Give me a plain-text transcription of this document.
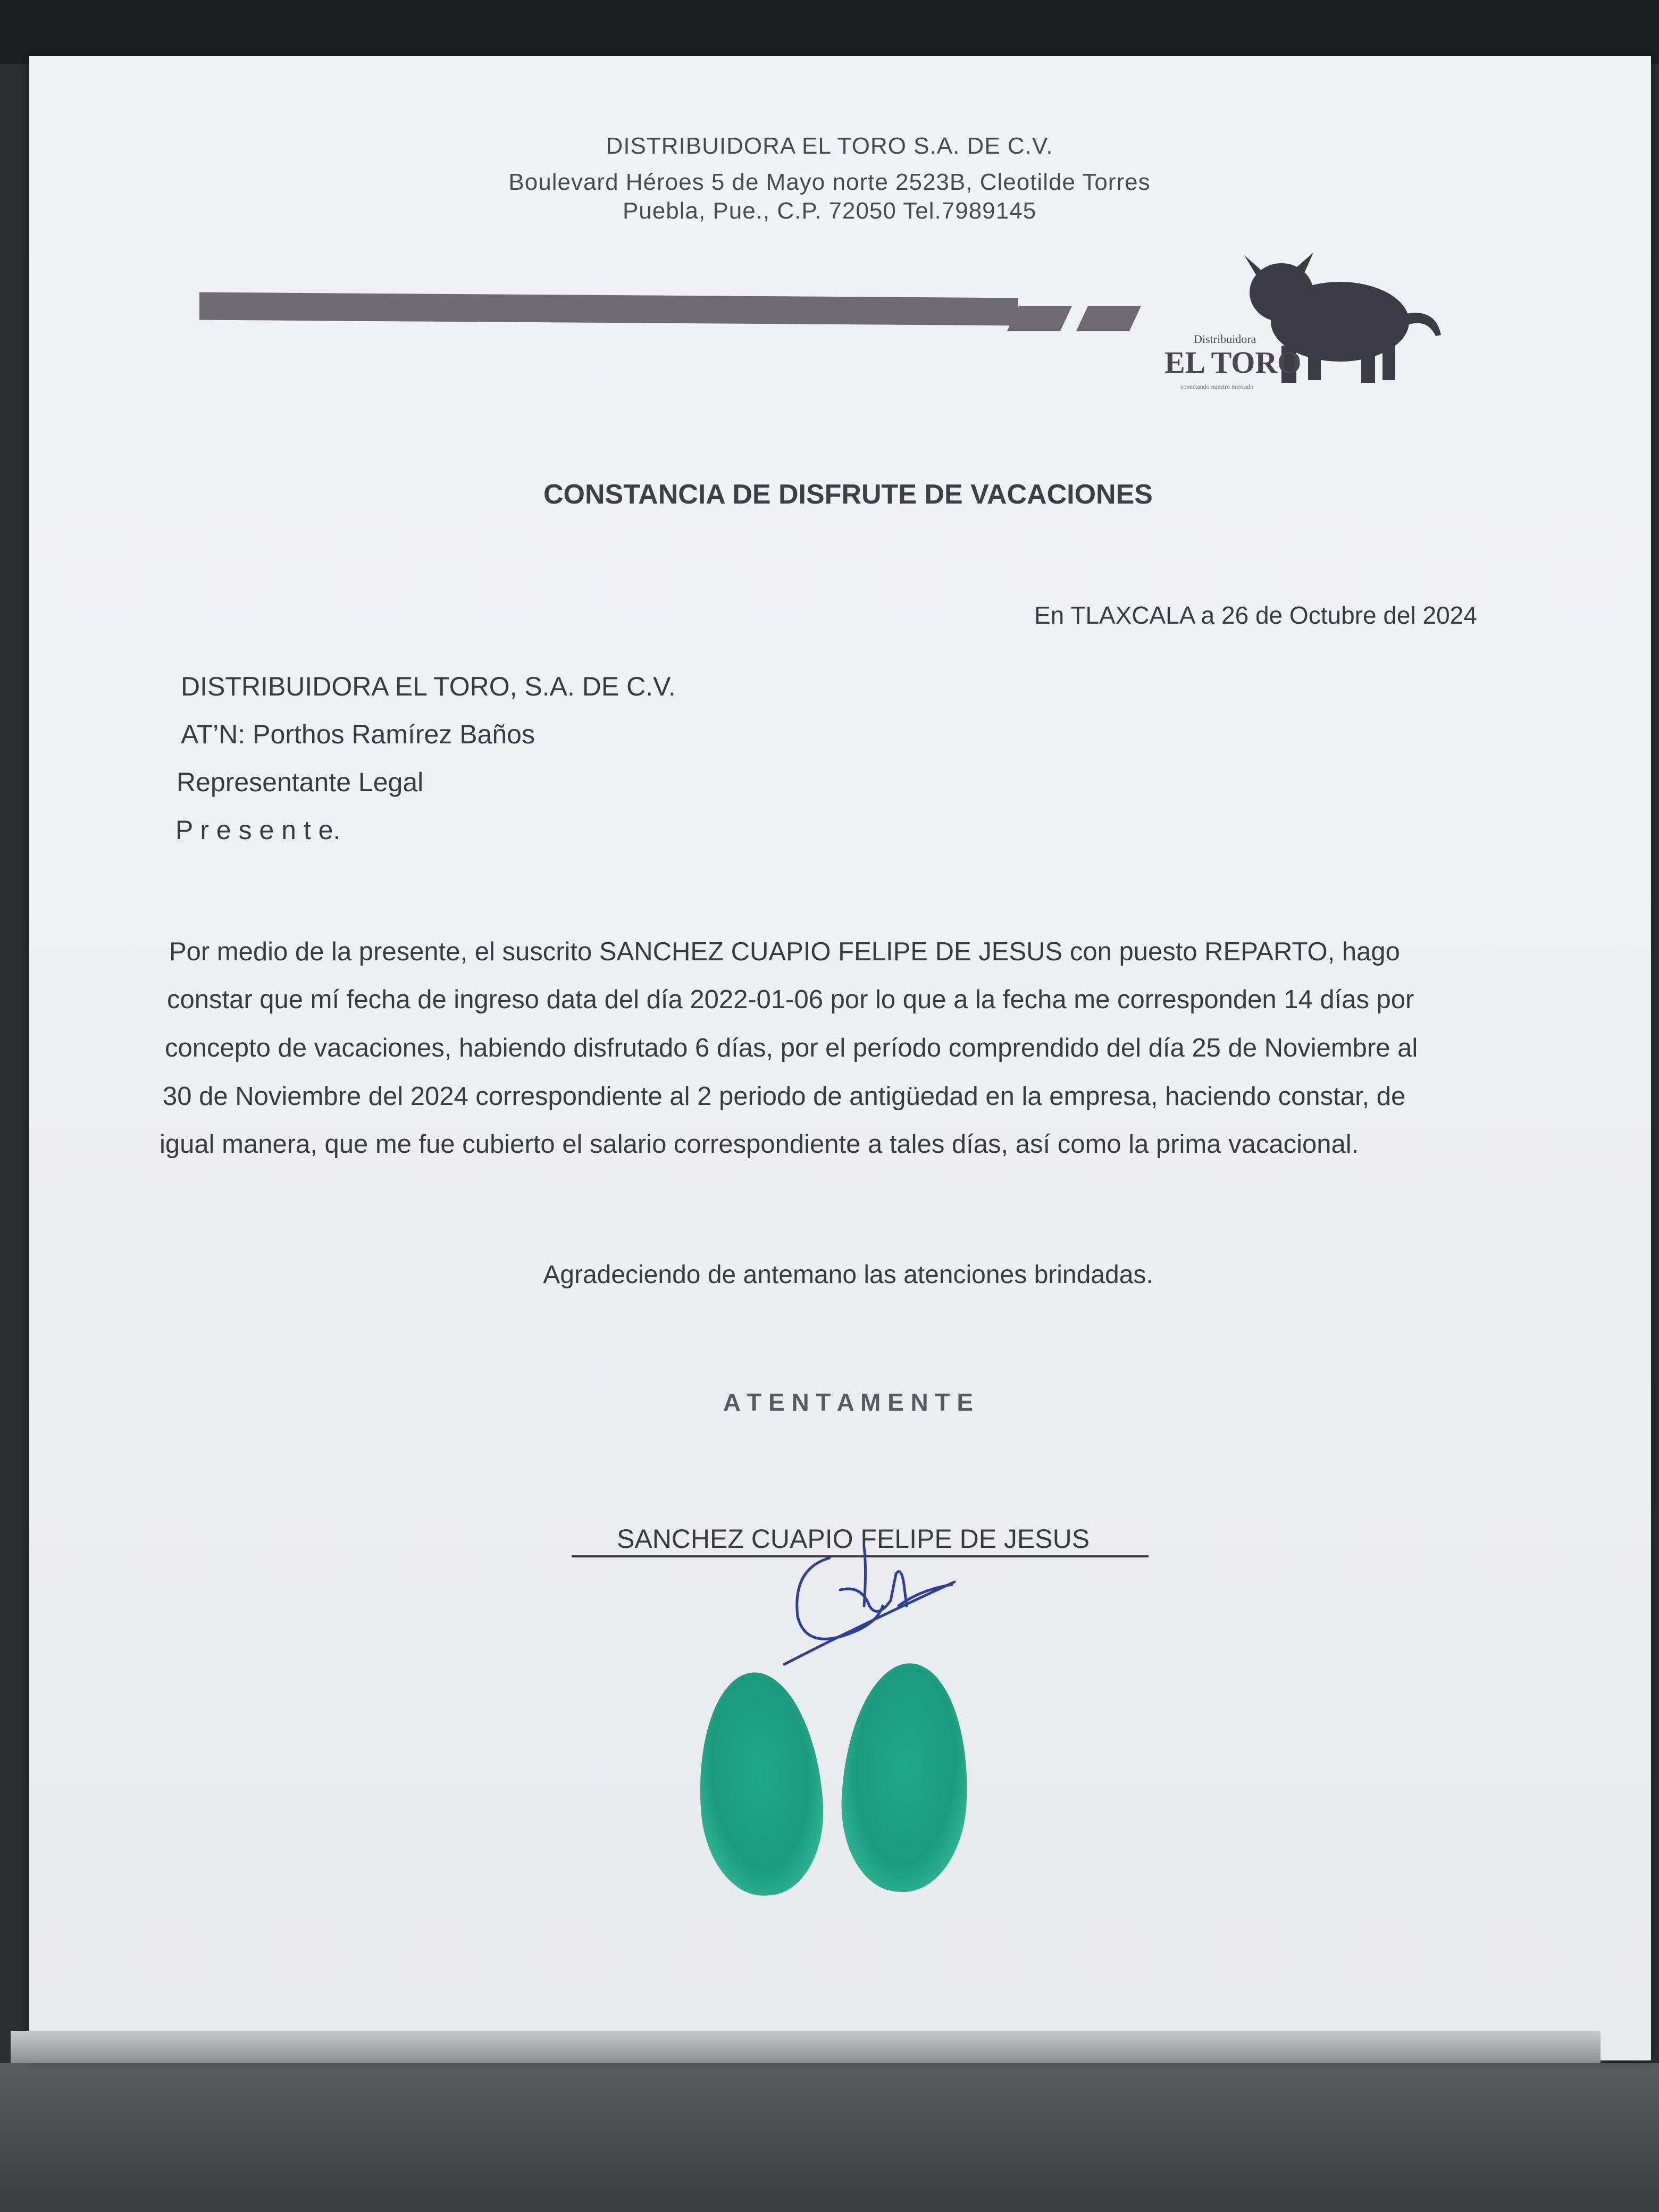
DISTRIBUIDORA EL TORO S.A. DE C.V.

Boulevard Héroes 5 de Mayo norte 2523B, Cleotilde Torres

Puebla, Pue., C.P. 72050 Tel.7989145

Distribuidora
EL TORO
conectando nuestro mercado
CONSTANCIA DE DISFRUTE DE VACACIONES

En TLAXCALA a 26 de Octubre del 2024

DISTRIBUIDORA EL TORO, S.A. DE C.V.

AT’N: Porthos Ramírez Baños

Representante Legal

P r e s e n t e.

Por medio de la presente, el suscrito SANCHEZ CUAPIO FELIPE DE JESUS con puesto REPARTO, hago

constar que mí fecha de ingreso data del día 2022-01-06 por lo que a la fecha me corresponden 14 días por

concepto de vacaciones, habiendo disfrutado 6 días, por el período comprendido del día 25 de Noviembre al

30 de Noviembre del 2024 correspondiente al 2 periodo de antigüedad en la empresa, haciendo constar, de

igual manera, que me fue cubierto el salario correspondiente a tales días, así como la prima vacacional.

Agradeciendo de antemano las atenciones brindadas.

A T E N T A M E N T E

SANCHEZ CUAPIO FELIPE DE JESUS
